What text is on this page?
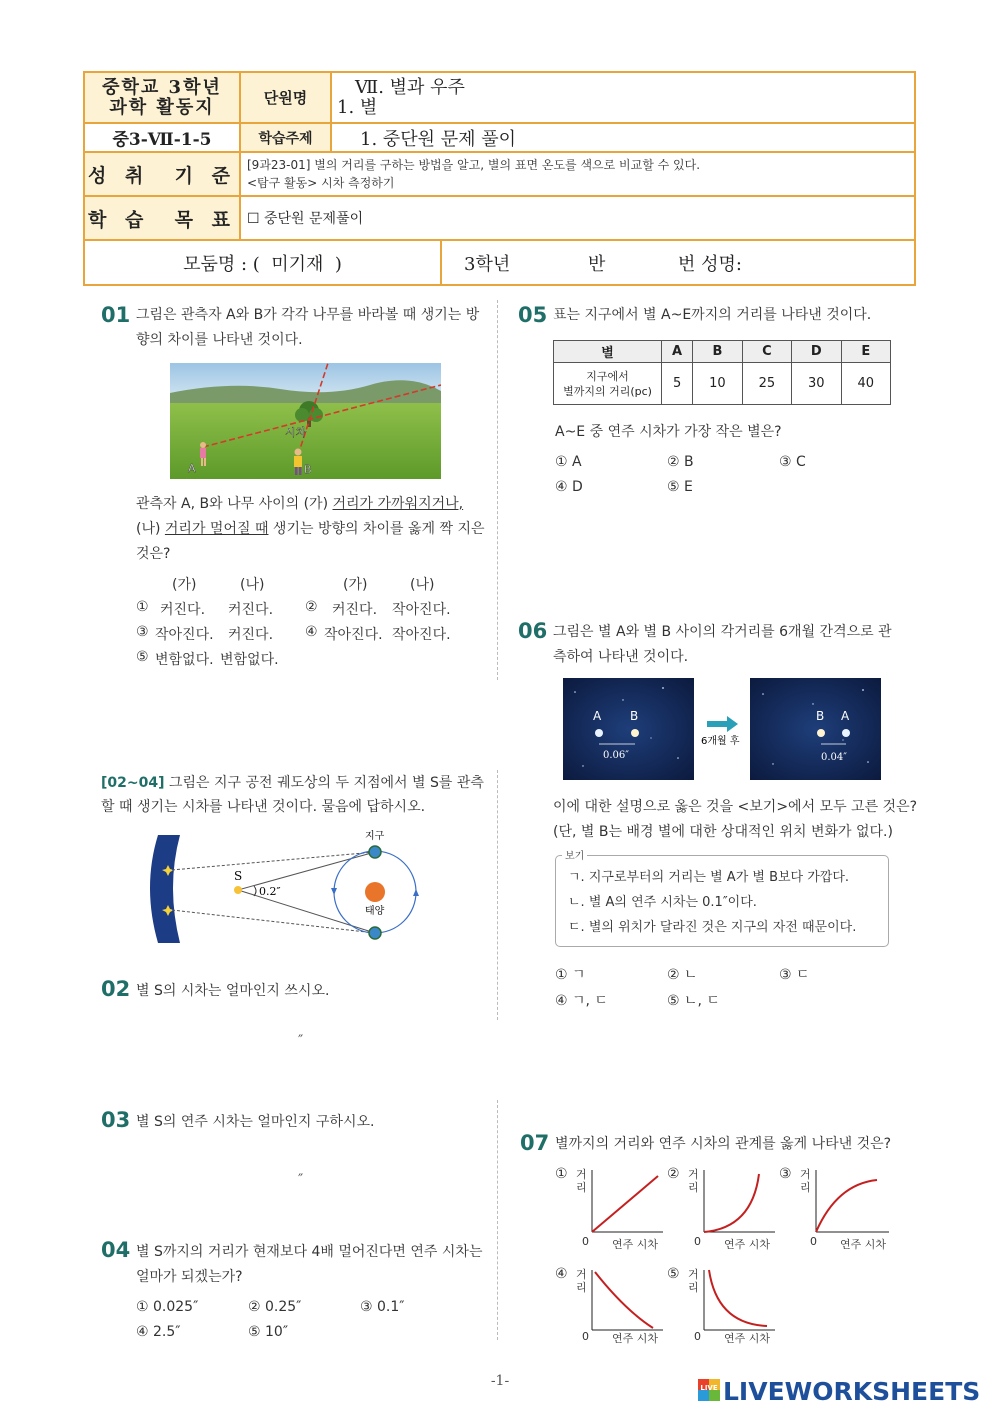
중학교 3학년
과학 활동지	단원명
Ⅶ. 별과 우주
1. 별
중3-Ⅶ-1-5	학습주제	1. 중단원 문제 풀이
성 취  기 준 [9과23-01] 별의 거리를 구하는 방법을 알고, 별의 표면 온도를 색으로 비교할 수 있다.
<탐구 활동> 시차 측정하기
학 습  목 표 ☐ 중단원 문제풀이
모둠명 : (  미기재  )	3학년	반	번 성명:
01 그림은 관측자 A와 B가 각각 나무를 바라볼 때 생기는 방
향의 차이를 나타낸 것이다.
시차
A	B
관측자 A, B와 나무 사이의 (가) 거리가 가까워지거나,
(나) 거리가 멀어질 때 생기는 방향의 차이를 옳게 짝 지은
것은?
(가)	(나)	(가)	(나)
① 커진다. 커진다. ② 커진다. 작아진다.
③ 작아진다. 커진다. ④ 작아진다. 작아진다.
⑤ 변함없다. 변함없다.
[02~04] 그림은 지구 공전 궤도상의 두 지점에서 별 S를 관측
할 때 생기는 시차를 나타낸 것이다. 물음에 답하시오.
S
0.2″
지구
태양
02 별 S의 시차는 얼마인지 쓰시오.
″
03 별 S의 연주 시차는 얼마인지 구하시오.
″
04 별 S까지의 거리가 현재보다 4배 멀어진다면 연주 시차는
얼마가 되겠는가?
① 0.025″	② 0.25″	③ 0.1″
④ 2.5″	⑤ 10″
05 표는 지구에서 별 A~E까지의 거리를 나타낸 것이다.
별	A	B	C	D	E

지구에서
별까지의 거리(pc)	5	10	25	30	40
A~E 중 연주 시차가 가장 작은 별은?
① A	② B	③ C
④ D	⑤ E
06 그림은 별 A와 별 B 사이의 각거리를 6개월 간격으로 관
측하여 나타낸 것이다.
A B
0.06″
6개월 후
B A
0.04″
이에 대한 설명으로 옳은 것을 <보기>에서 모두 고른 것은?
(단, 별 B는 배경 별에 대한 상대적인 위치 변화가 없다.)
보기
ㄱ. 지구로부터의 거리는 별 A가 별 B보다 가깝다.
ㄴ. 별 A의 연주 시차는 0.1″이다.
ㄷ. 별의 위치가 달라진 것은 지구의 자전 때문이다.
① ㄱ	② ㄴ	③ ㄷ
④ ㄱ, ㄷ	⑤ ㄴ, ㄷ
07 별까지의 거리와 연주 시차의 관계를 옳게 나타낸 것은?
① 거
리
0 연주 시차
② 거
리
0 연주 시차
③ 거
리
0 연주 시차
④ 거
리
0 연주 시차
⑤ 거
리
0 연주 시차
-1-	LIVE LIVEWORKSHEETS
